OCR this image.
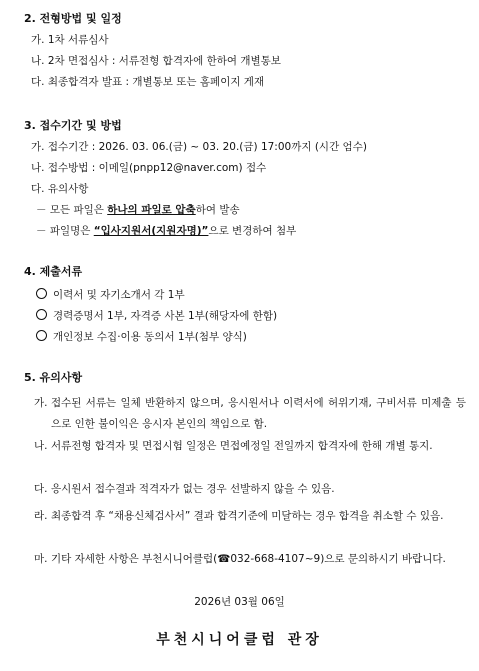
2. 전형방법 및 일정
가. 1차 서류심사
나. 2차 면접심사 : 서류전형 합격자에 한하여 개별통보
다. 최종합격자 발표 : 개별통보 또는 홈페이지 게재
3. 접수기간 및 방법
가. 접수기간 : 2026. 03. 06.(금) ~ 03. 20.(금) 17:00까지 (시간 엄수)
나. 접수방법 : 이메일(pnpp12@naver.com) 접수
다. 유의사항
－ 모든 파일은 하나의 파일로 압축하여 발송
－ 파일명은 “입사지원서(지원자명)”으로 변경하여 첨부
4. 제출서류
이력서 및 자기소개서 각 1부
경력증명서 1부, 자격증 사본 1부(해당자에 한함)
개인정보 수집·이용 동의서 1부(첨부 양식)
5. 유의사항
가. 접수된 서류는 일체 반환하지 않으며, 응시원서나 이력서에 허위기재, 구비서류 미제출 등으로 인한 불이익은 응시자 본인의 책임으로 함.
나. 서류전형 합격자 및 면접시험 일정은 면접예정일 전일까지 합격자에 한해 개별 통지.
다. 응시원서 접수결과 적격자가 없는 경우 선발하지 않을 수 있음.
라. 최종합격 후 “채용신체검사서” 결과 합격기준에 미달하는 경우 합격을 취소할 수 있음.
마. 기타 자세한 사항은 부천시니어클럽(☎032-668-4107~9)으로 문의하시기 바랍니다.
2026년 03월 06일
부천시니어클럽 관장
